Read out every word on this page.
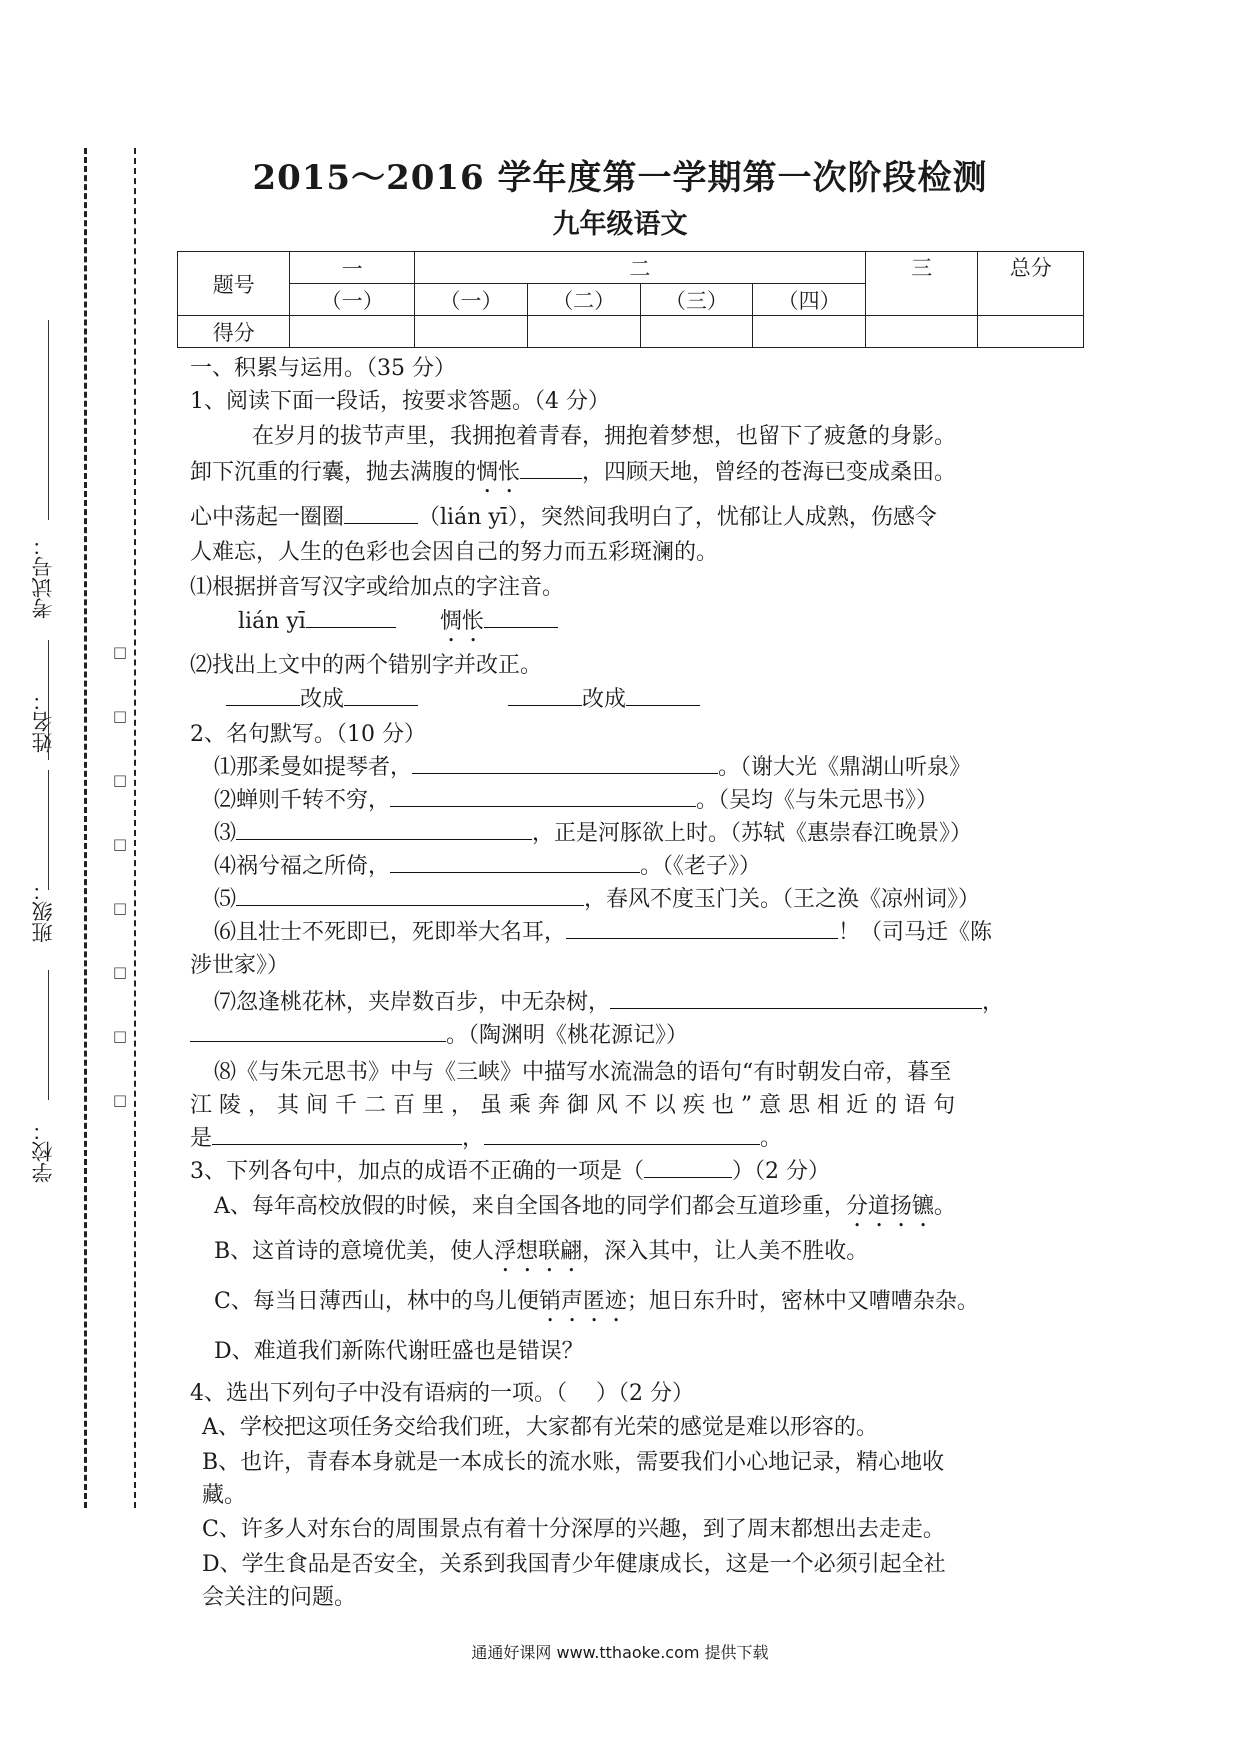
考试号：
姓名：
班级：
学校：
□
□
□
□
□
□
□
□
2015～2016 学年度第一学期第一次阶段检测
九年级语文
题号	一	二				三	总分
	（一）	（一）	（二）	（三）	（四）		
得分							

一、积累与运用。（35 分）

1、阅读下面一段话，按要求答题。（4 分）

在岁月的拔节声里，我拥抱着青春，拥抱着梦想，也留下了疲惫的身影。

卸下沉重的行囊，抛去满腹的惆怅	，四顾天地，曾经的苍海已变成桑田。

心中荡起一圈圈	（lián yī），突然间我明白了，忧郁让人成熟，伤感令

人难忘，人生的色彩也会因自己的努力而五彩斑澜的。

⑴根据拼音写汉字或给加点的字注音。

lián yī	惆怅

⑵找出上文中的两个错别字并改正。

改成	改成

2、名句默写。（10 分）

⑴那柔曼如提琴者，	。（谢大光《鼎湖山听泉》

⑵蝉则千转不穷，	。（吴均《与朱元思书》）

⑶	，正是河豚欲上时。（苏轼《惠崇春江晚景》）

⑷祸兮福之所倚，	。（《老子》）

⑸	，春风不度玉门关。（王之涣《凉州词》）

⑹且壮士不死即已，死即举大名耳，	！（司马迁《陈

涉世家》）

⑺忽逢桃花林，夹岸数百步，中无杂树，	，

。（陶渊明《桃花源记》）

⑻《与朱元思书》中与《三峡》中描写水流湍急的语句“有时朝发白帝，暮至

江 陵 ， 其 间 千 二 百 里 ， 虽 乘 奔 御 风 不 以 疾 也 ” 意 思 相 近 的 语 句

是	，	。

3、下列各句中，加点的成语不正确的一项是（	）（2 分）

A、每年高校放假的时候，来自全国各地的同学们都会互道珍重，分道扬镳。

B、这首诗的意境优美，使人浮想联翩，深入其中，让人美不胜收。

C、每当日薄西山，林中的鸟儿便销声匿迹；旭日东升时，密林中又嘈嘈杂杂。

D、难道我们新陈代谢旺盛也是错误？

4、选出下列句子中没有语病的一项。（　 ）（2 分）

A、学校把这项任务交给我们班，大家都有光荣的感觉是难以形容的。

B、也许，青春本身就是一本成长的流水账，需要我们小心地记录，精心地收

藏。

C、许多人对东台的周围景点有着十分深厚的兴趣，到了周末都想出去走走。

D、学生食品是否安全，关系到我国青少年健康成长，这是一个必须引起全社

会关注的问题。

通通好课网 www.tthaoke.com 提供下载
